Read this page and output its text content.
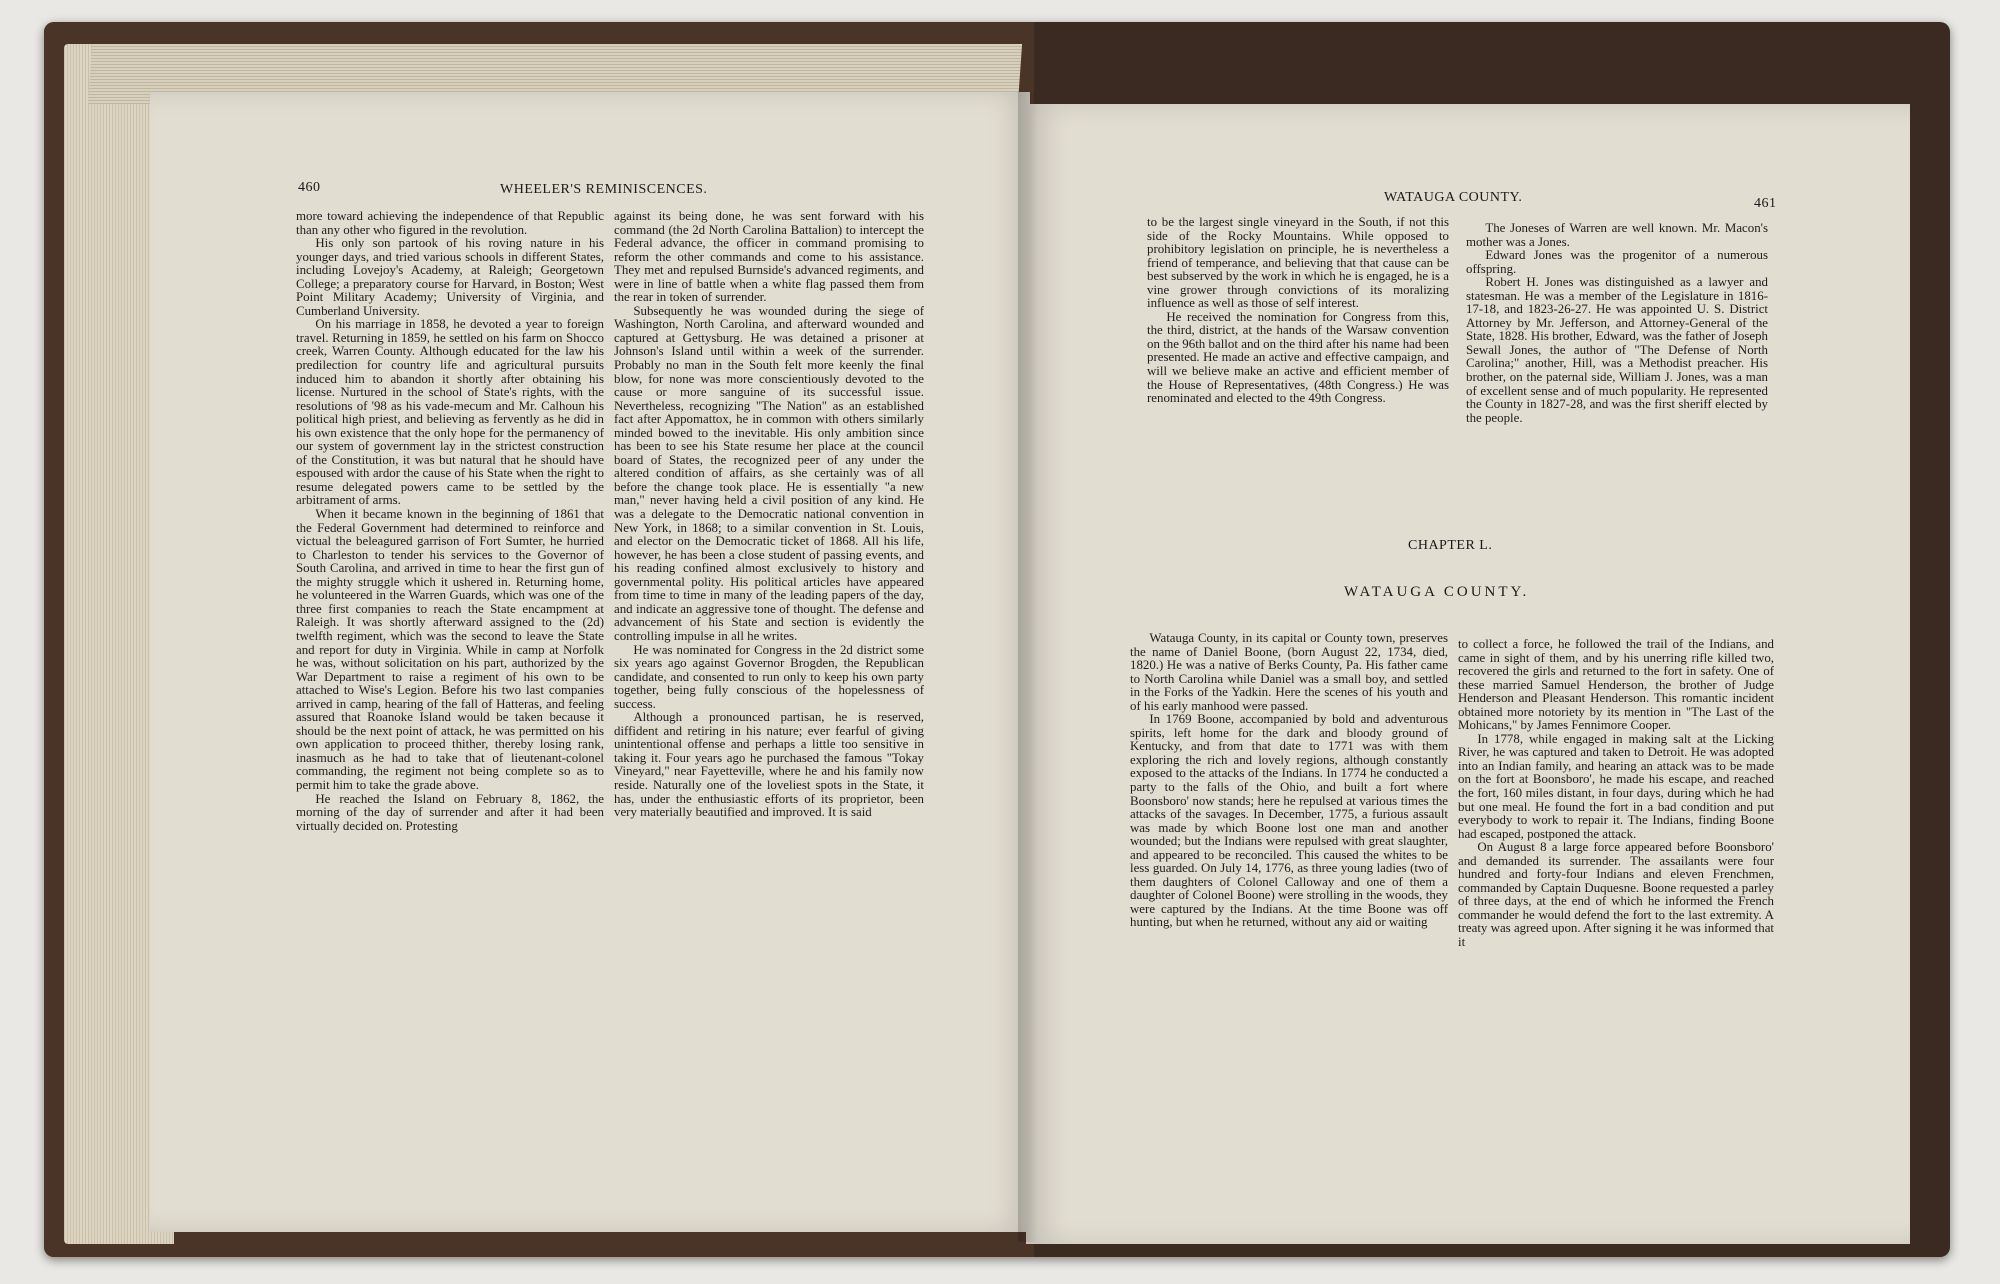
460	WHEELER'S REMINISCENCES.

more toward achieving the independence of that Republic than any other who figured in the revolution.

His only son partook of his roving nature in his younger days, and tried various schools in different States, including Lovejoy's Academy, at Raleigh; Georgetown College; a preparatory course for Harvard, in Boston; West Point Military Academy; University of Virginia, and Cumberland University.

On his marriage in 1858, he devoted a year to foreign travel. Returning in 1859, he settled on his farm on Shocco creek, Warren County. Although educated for the law his predilection for country life and agricultural pursuits induced him to abandon it shortly after obtaining his license. Nurtured in the school of State's rights, with the resolutions of '98 as his vade-mecum and Mr. Calhoun his political high priest, and believing as fervently as he did in his own existence that the only hope for the permanency of our system of government lay in the strictest construction of the Constitution, it was but natural that he should have espoused with ardor the cause of his State when the right to resume delegated powers came to be settled by the arbitrament of arms.

When it became known in the beginning of 1861 that the Federal Government had determined to reinforce and victual the beleagured garrison of Fort Sumter, he hurried to Charleston to tender his services to the Governor of South Carolina, and arrived in time to hear the first gun of the mighty struggle which it ushered in. Returning home, he volunteered in the Warren Guards, which was one of the three first companies to reach the State encampment at Raleigh. It was shortly afterward assigned to the (2d) twelfth regiment, which was the second to leave the State and report for duty in Virginia. While in camp at Norfolk he was, without solicitation on his part, authorized by the War Department to raise a regiment of his own to be attached to Wise's Legion. Before his two last companies arrived in camp, hearing of the fall of Hatteras, and feeling assured that Roanoke Island would be taken because it should be the next point of attack, he was permitted on his own application to proceed thither, thereby losing rank, inasmuch as he had to take that of lieutenant-colonel commanding, the regiment not being complete so as to permit him to take the grade above.

He reached the Island on February 8, 1862, the morning of the day of surrender and after it had been virtually decided on. Protesting

against its being done, he was sent forward with his command (the 2d North Carolina Battalion) to intercept the Federal advance, the officer in command promising to reform the other commands and come to his assistance. They met and repulsed Burnside's advanced regiments, and were in line of battle when a white flag passed them from the rear in token of surrender.

Subsequently he was wounded during the siege of Washington, North Carolina, and afterward wounded and captured at Gettysburg. He was detained a prisoner at Johnson's Island until within a week of the surrender. Probably no man in the South felt more keenly the final blow, for none was more conscientiously devoted to the cause or more sanguine of its successful issue. Nevertheless, recognizing "The Nation" as an established fact after Appomattox, he in common with others similarly minded bowed to the inevitable. His only ambition since has been to see his State resume her place at the council board of States, the recognized peer of any under the altered condition of affairs, as she certainly was of all before the change took place. He is essentially "a new man," never having held a civil position of any kind. He was a delegate to the Democratic national convention in New York, in 1868; to a similar convention in St. Louis, and elector on the Democratic ticket of 1868. All his life, however, he has been a close student of passing events, and his reading confined almost exclusively to history and governmental polity. His political articles have appeared from time to time in many of the leading papers of the day, and indicate an aggressive tone of thought. The defense and advancement of his State and section is evidently the controlling impulse in all he writes.

He was nominated for Congress in the 2d district some six years ago against Governor Brogden, the Republican candidate, and consented to run only to keep his own party together, being fully conscious of the hopelessness of success.

Although a pronounced partisan, he is reserved, diffident and retiring in his nature; ever fearful of giving unintentional offense and perhaps a little too sensitive in taking it. Four years ago he purchased the famous "Tokay Vineyard," near Fayetteville, where he and his family now reside. Naturally one of the loveliest spots in the State, it has, under the enthusiastic efforts of its proprietor, been very materially beautified and improved. It is said

WATAUGA COUNTY.	461

to be the largest single vineyard in the South, if not this side of the Rocky Mountains. While opposed to prohibitory legislation on principle, he is nevertheless a friend of temperance, and believing that that cause can be best subserved by the work in which he is engaged, he is a vine grower through convictions of its moralizing influence as well as those of self interest.

He received the nomination for Congress from this, the third, district, at the hands of the Warsaw convention on the 96th ballot and on the third after his name had been presented. He made an active and effective campaign, and will we believe make an active and efficient member of the House of Representatives, (48th Congress.) He was renominated and elected to the 49th Congress.

The Joneses of Warren are well known. Mr. Macon's mother was a Jones.

Edward Jones was the progenitor of a numerous offspring.

Robert H. Jones was distinguished as a lawyer and statesman. He was a member of the Legislature in 1816-17-18, and 1823-26-27. He was appointed U. S. District Attorney by Mr. Jefferson, and Attorney-General of the State, 1828. His brother, Edward, was the father of Joseph Sewall Jones, the author of "The Defense of North Carolina;" another, Hill, was a Methodist preacher. His brother, on the paternal side, William J. Jones, was a man of excellent sense and of much popularity. He represented the County in 1827-28, and was the first sheriff elected by the people.

CHAPTER L.
WATAUGA COUNTY.

Watauga County, in its capital or County town, preserves the name of Daniel Boone, (born August 22, 1734, died, 1820.) He was a native of Berks County, Pa. His father came to North Carolina while Daniel was a small boy, and settled in the Forks of the Yadkin. Here the scenes of his youth and of his early manhood were passed.

In 1769 Boone, accompanied by bold and adventurous spirits, left home for the dark and bloody ground of Kentucky, and from that date to 1771 was with them exploring the rich and lovely regions, although constantly exposed to the attacks of the Indians. In 1774 he conducted a party to the falls of the Ohio, and built a fort where Boonsboro' now stands; here he repulsed at various times the attacks of the savages. In December, 1775, a furious assault was made by which Boone lost one man and another wounded; but the Indians were repulsed with great slaughter, and appeared to be reconciled. This caused the whites to be less guarded. On July 14, 1776, as three young ladies (two of them daughters of Colonel Calloway and one of them a daughter of Colonel Boone) were strolling in the woods, they were captured by the Indians. At the time Boone was off hunting, but when he returned, without any aid or waiting

to collect a force, he followed the trail of the Indians, and came in sight of them, and by his unerring rifle killed two, recovered the girls and returned to the fort in safety. One of these married Samuel Henderson, the brother of Judge Henderson and Pleasant Henderson. This romantic incident obtained more notoriety by its mention in "The Last of the Mohicans," by James Fennimore Cooper.

In 1778, while engaged in making salt at the Licking River, he was captured and taken to Detroit. He was adopted into an Indian family, and hearing an attack was to be made on the fort at Boonsboro', he made his escape, and reached the fort, 160 miles distant, in four days, during which he had but one meal. He found the fort in a bad condition and put everybody to work to repair it. The Indians, finding Boone had escaped, postponed the attack.

On August 8 a large force appeared before Boonsboro' and demanded its surrender. The assailants were four hundred and forty-four Indians and eleven Frenchmen, commanded by Captain Duquesne. Boone requested a parley of three days, at the end of which he informed the French commander he would defend the fort to the last extremity. A treaty was agreed upon. After signing it he was informed that it
